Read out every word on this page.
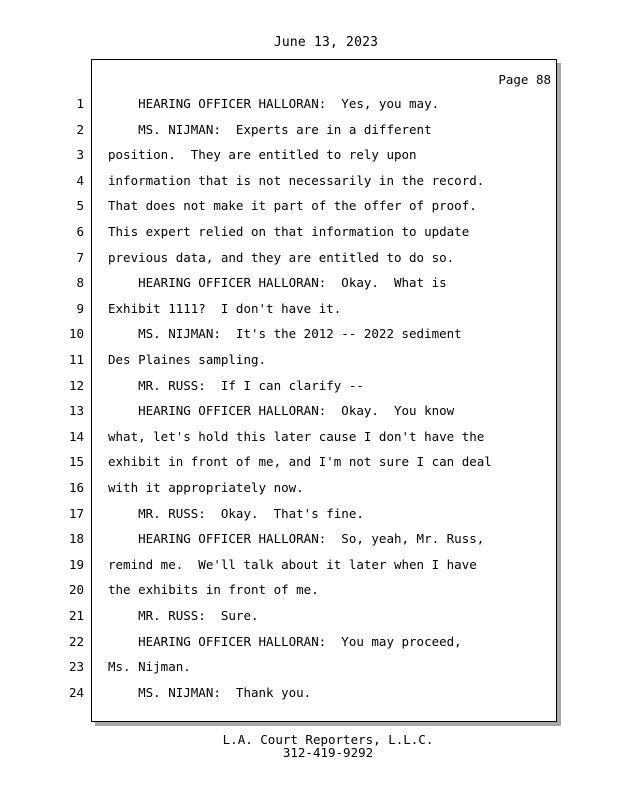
June 13, 2023
Page 88
1 HEARING OFFICER HALLORAN:  Yes, you may.
2 MS. NIJMAN:  Experts are in a different
3 position.  They are entitled to rely upon
4 information that is not necessarily in the record.
5 That does not make it part of the offer of proof.
6 This expert relied on that information to update
7 previous data, and they are entitled to do so.
8 HEARING OFFICER HALLORAN:  Okay.  What is
9 Exhibit 1111?  I don't have it.
10 MS. NIJMAN:  It's the 2012 -- 2022 sediment
11 Des Plaines sampling.
12 MR. RUSS:  If I can clarify --
13 HEARING OFFICER HALLORAN:  Okay.  You know
14 what, let's hold this later cause I don't have the
15 exhibit in front of me, and I'm not sure I can deal
16 with it appropriately now.
17 MR. RUSS:  Okay.  That's fine.
18 HEARING OFFICER HALLORAN:  So, yeah, Mr. Russ,
19 remind me.  We'll talk about it later when I have
20 the exhibits in front of me.
21 MR. RUSS:  Sure.
22 HEARING OFFICER HALLORAN:  You may proceed,
23 Ms. Nijman.
24 MS. NIJMAN:  Thank you.
L.A. Court Reporters, L.L.C.
312-419-9292
